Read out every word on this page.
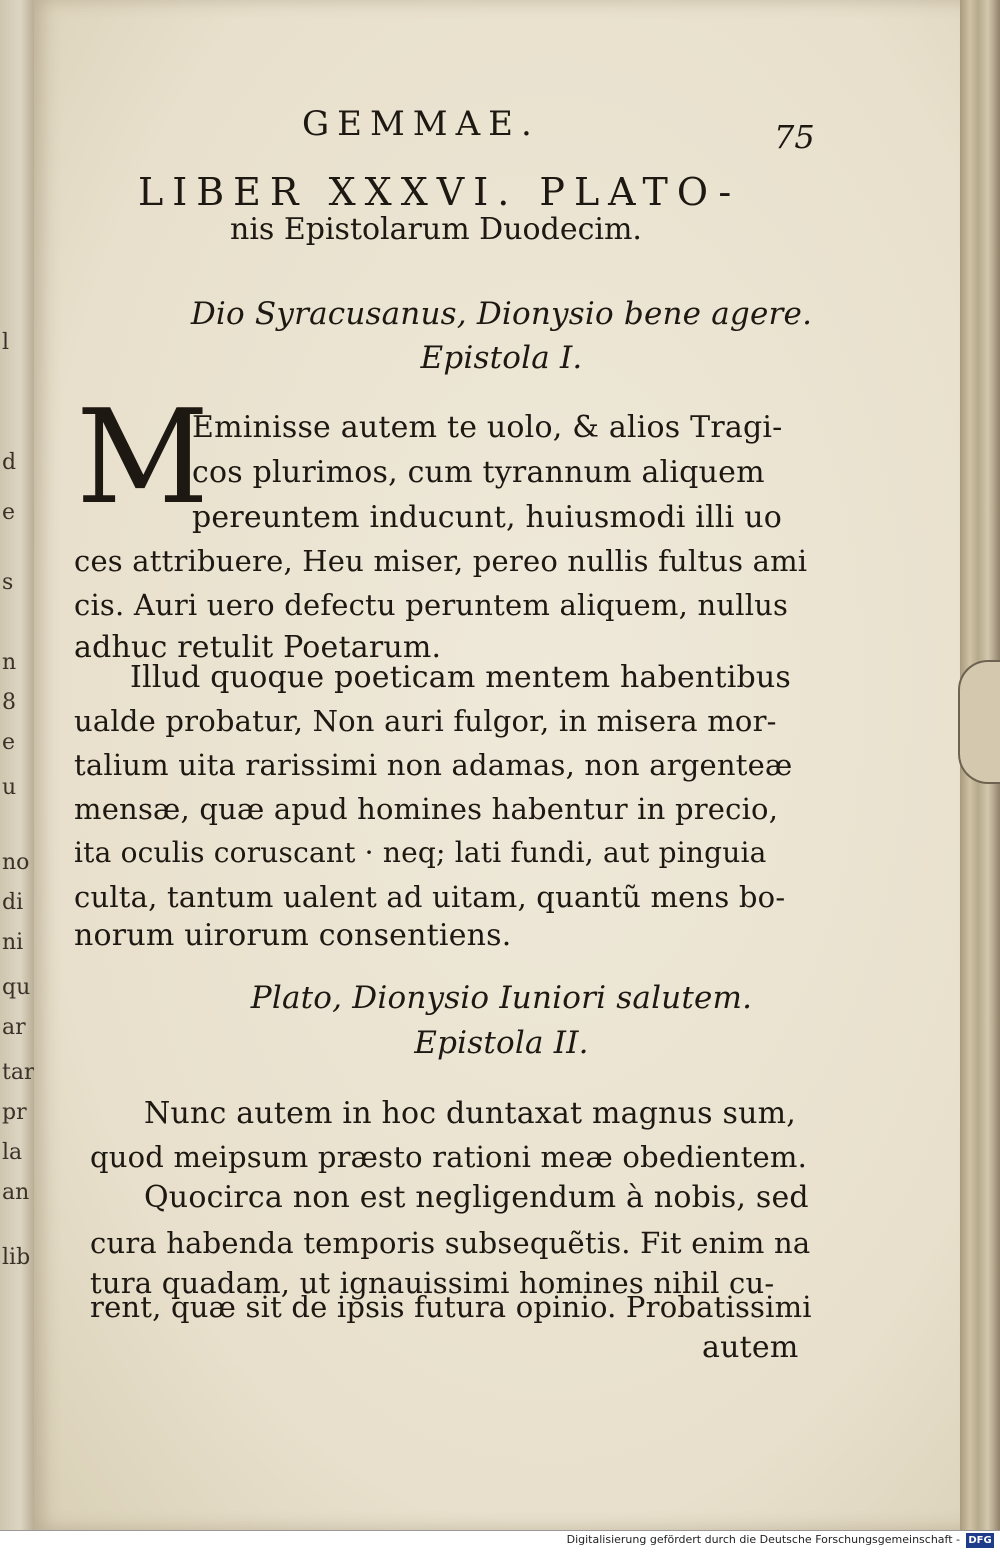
l
d
e
s
n
8
e
u
no
di
ni
qu
ar
tar
pr
la
an
lib
GEMMAE.	75
LIBER XXXVI. PLATO-
nis Epistolarum Duodecim.
Dio Syracusanus, Dionysio bene agere.
Epistola I.
M
Eminisse autem te uolo, & alios Tragi-
cos plurimos, cum tyrannum aliquem
pereuntem inducunt, huiusmodi illi uo
ces attribuere, Heu miser, pereo nullis fultus ami
cis. Auri uero defectu peruntem aliquem, nullus
adhuc retulit Poetarum.
Illud quoque poeticam mentem habentibus
ualde probatur, Non auri fulgor, in misera mor-
talium uita rarissimi non adamas, non argenteæ
mensæ, quæ apud homines habentur in precio,
ita oculis coruscant · neq; lati fundi, aut pinguia
culta, tantum ualent ad uitam, quantũ mens bo-
norum uirorum consentiens.
Plato, Dionysio Iuniori salutem.
Epistola II.
Nunc autem in hoc duntaxat magnus sum,
quod meipsum præsto rationi meæ obedientem.
Quocirca non est negligendum à nobis, sed
cura habenda temporis subsequẽtis. Fit enim na
tura quadam, ut ignauissimi homines nihil cu-
rent, quæ sit de ipsis futura opinio. Probatissimi
autem
Digitalisierung gefördert durch die Deutsche Forschungsgemeinschaft - DFG
